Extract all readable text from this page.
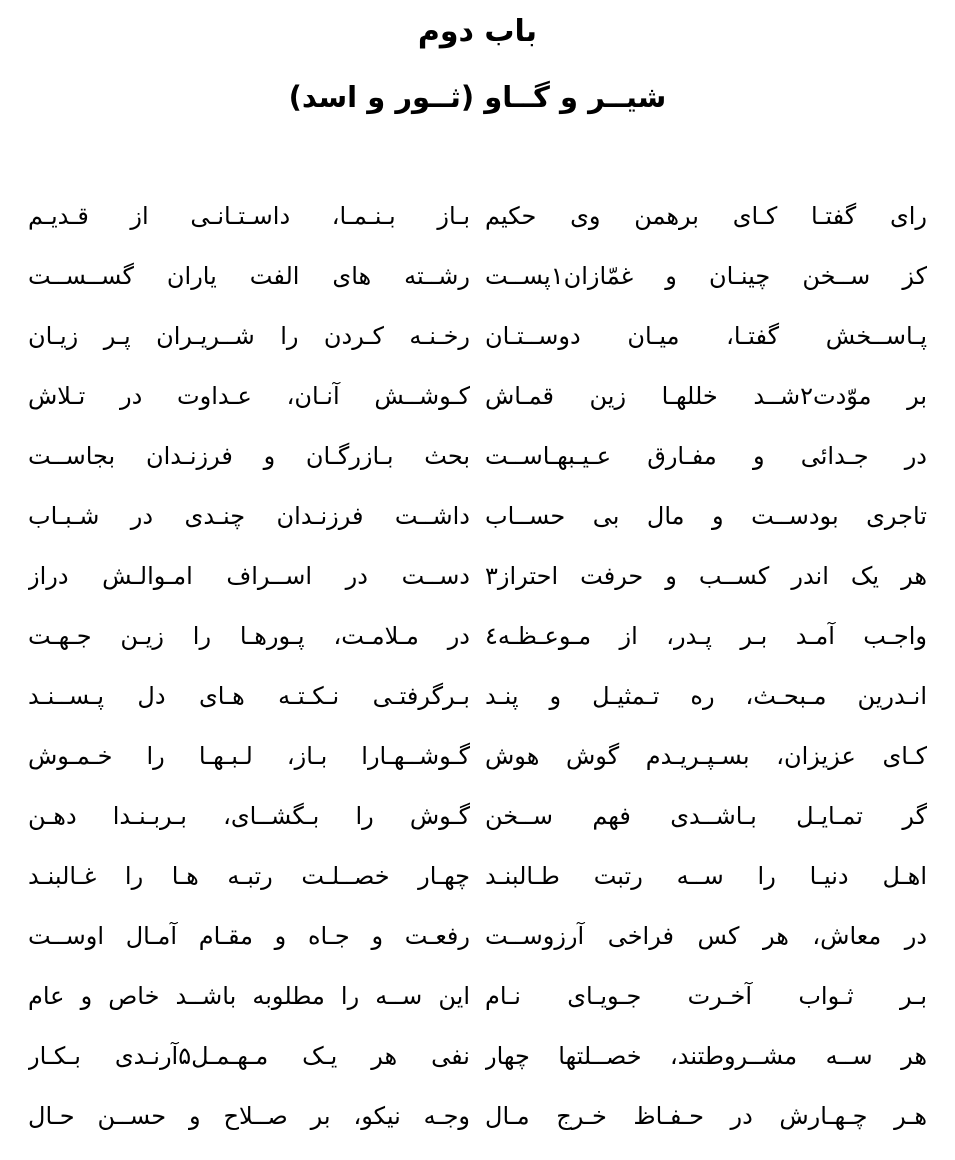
باب دوم
شیــر و گــاو (ثــور و اسد)
رای گفتـا کـای برهمن وی حکیم
بـاز بـنـمـا، داسـتـانـی از قـدیـم
کز ســخن چینـان و غمّازان۱پســت
رشــته های الفت یاران گســســت
پـاســخش گفتـا، میـان دوســتـان
رخـنـه کـردن را شــریـران پـر زیـان
بر موّدت۲شــد خللهـا زین قمـاش
کـوشــش آنـان، عـداوت در تـلاش
در جـدائی و مفـارق عـیـبهـاســت
بحث بـازرگـان و فرزنـدان بجاســت
تاجری بودســت و مال بی حســاب
داشــت فرزنـدان چنـدی در شـبـاب
هر یک اندر کســب و حرفت احتراز۳
دســت در اســراف امـوالـش دراز
واجـب آمـد بـر پـدر، از مـوعـظـه٤
در مـلامـت، پـورهـا را زیـن جـهـت
انـدرین مـبحـث، ره تـمثیـل و پنـد
بـرگرفتـی نـکـتـه هـای دل پـســنـد
کـای عزیزان، بسـپـریـدم گوش هوش
گـوشــهـارا بـاز، لـبـهـا را خـمـوش
گر تمـایـل بـاشــدی فهم ســخن
گـوش را بـگشــای، بـربـنـدا دهـن
اهـل دنیـا را ســه رتبت طـالبنـد
چهـار خصــلـت رتبـه هـا را غـالبنـد
در معاش، هر کس فراخی آرزوســت
رفعـت و جـاه و مقـام آمـال اوســت
بـر ثـواب آخـرت جـویـای نـام
این ســه را مطلوبه باشــد خاص و عام
هر ســه مشــروطتند، خصــلتها چهار
نفی هر یـک مـهـمـل۵آرنـدی بـکـار
هـر چـهـارش در حـفـاظ خـرج مـال
وجـه نیکو، بر صــلاح و حســن حـال
